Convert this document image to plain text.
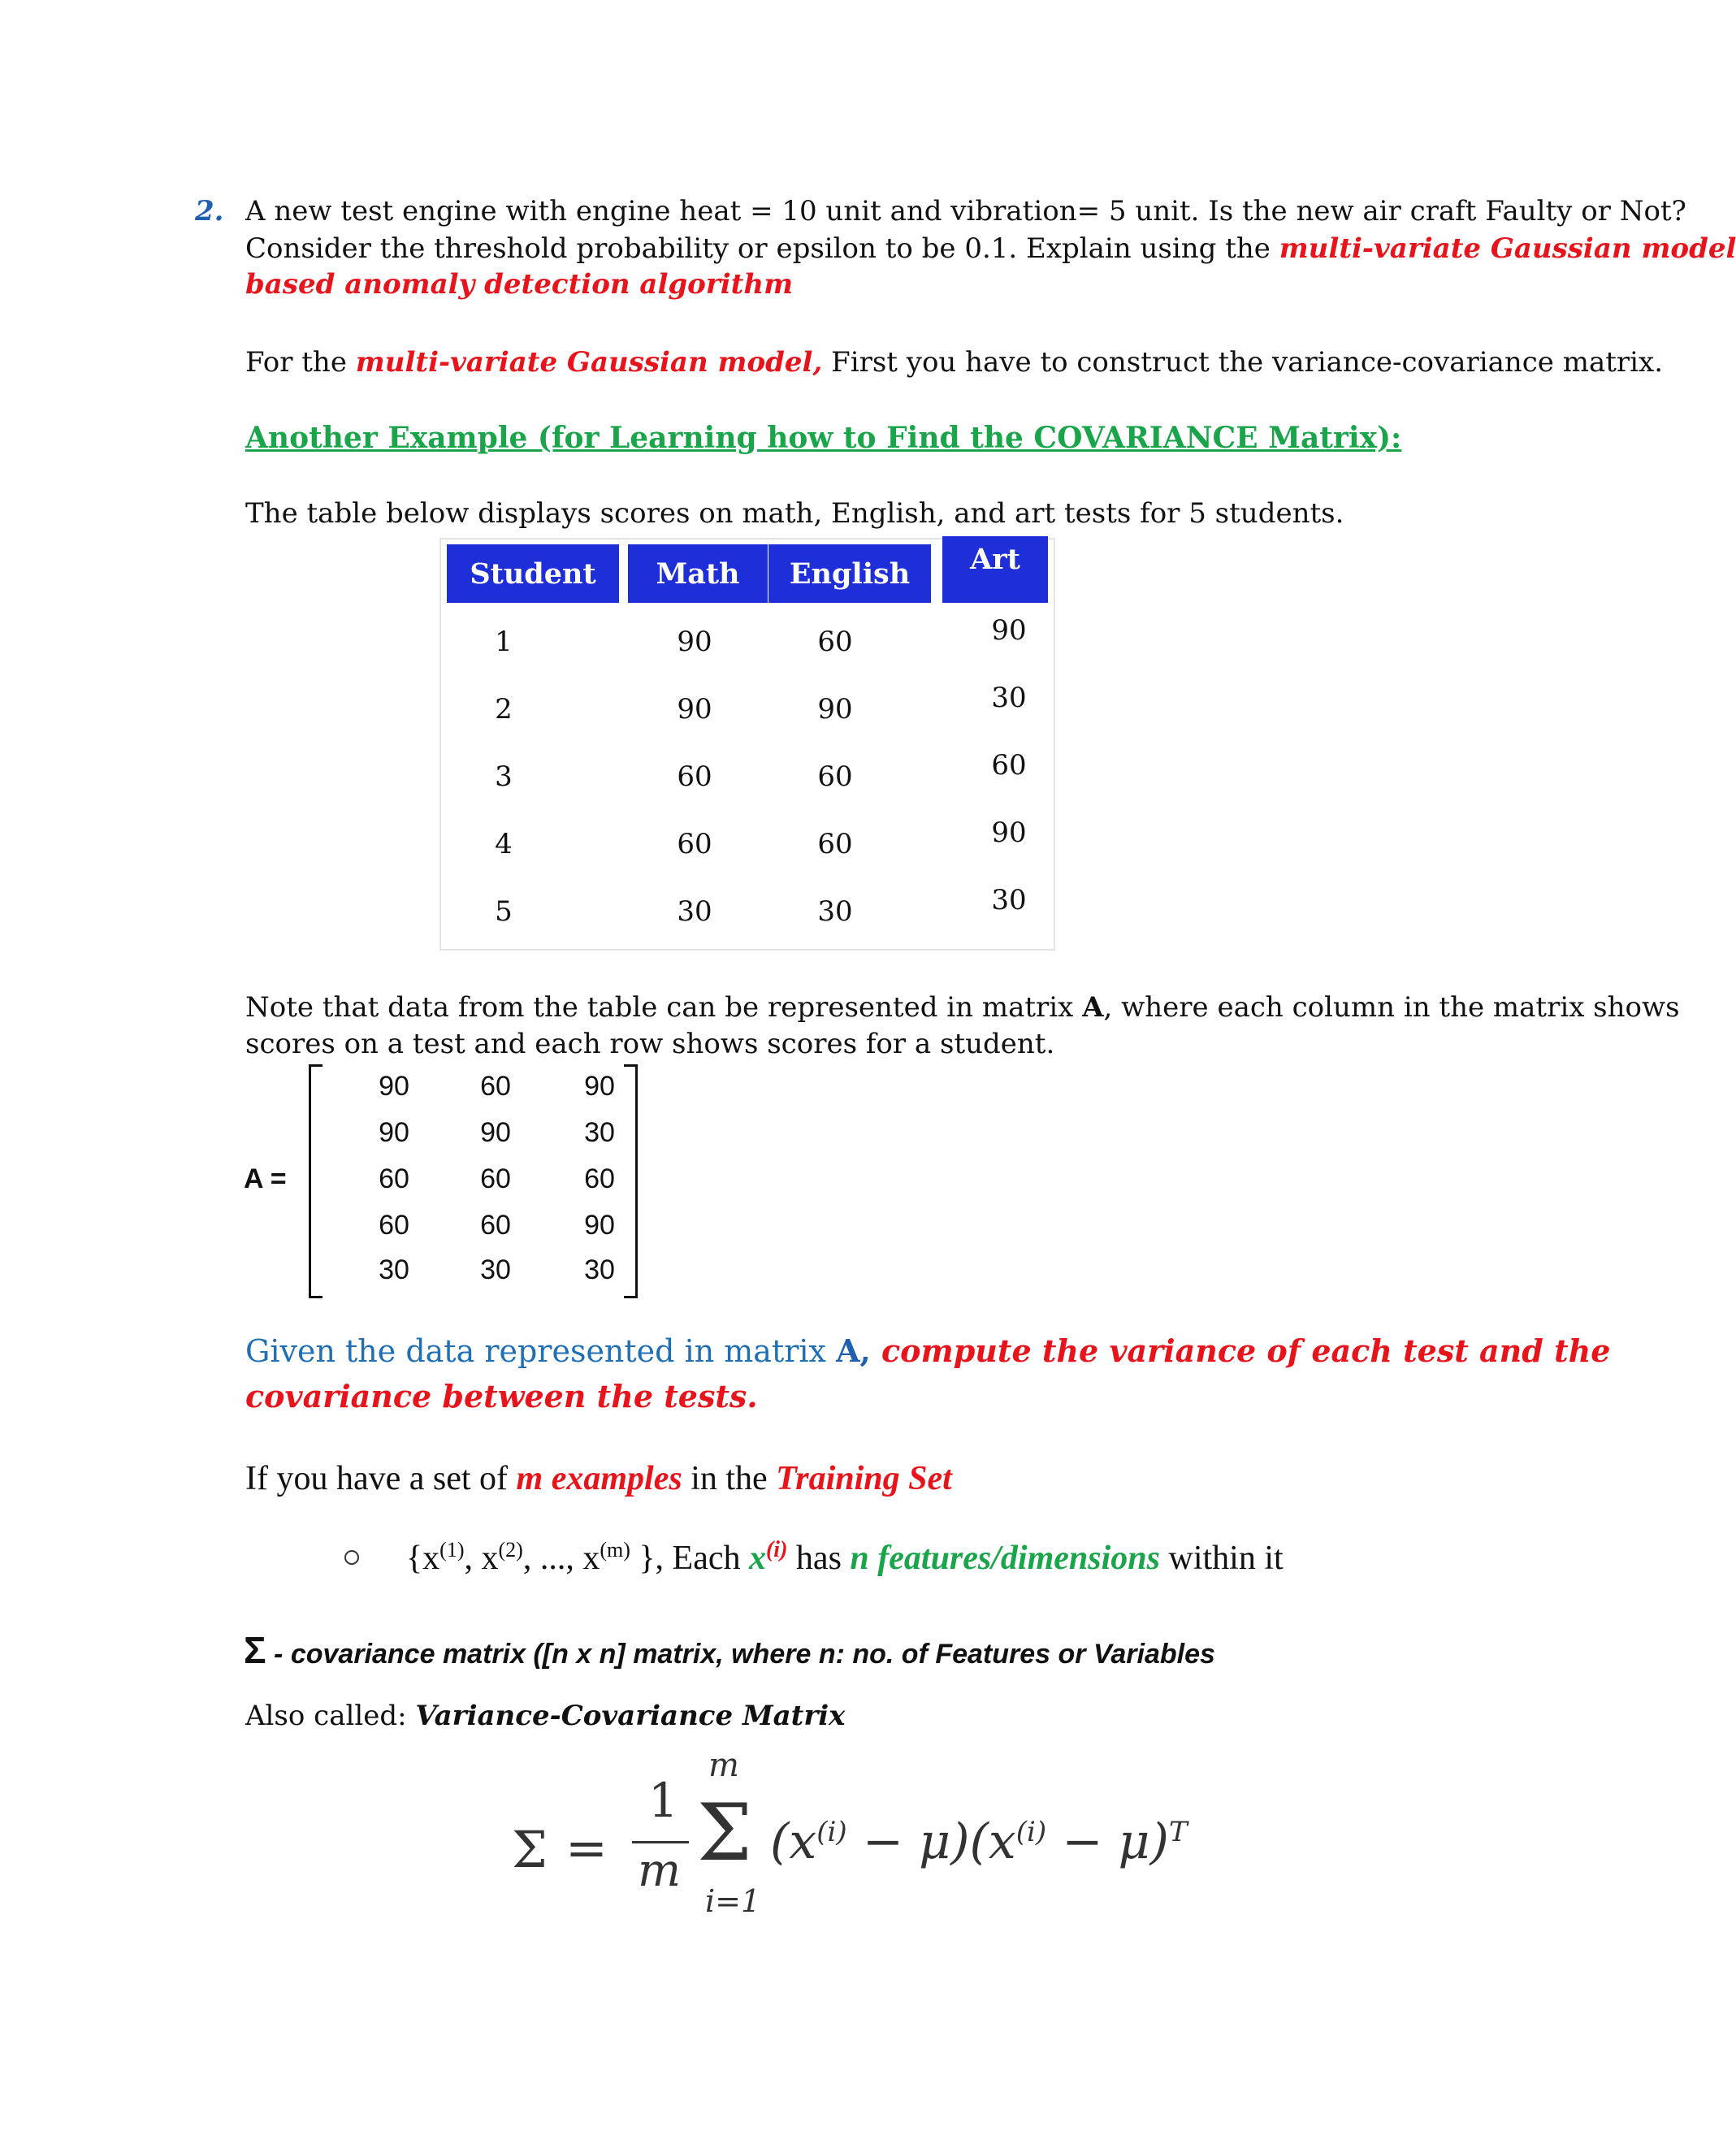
2. A new test engine with engine heat = 10 unit and vibration= 5 unit. Is the new air craft Faulty or Not?
Consider the threshold probability or epsilon to be 0.1. Explain using the multi-variate Gaussian model
based anomaly detection algorithm
For the multi-variate Gaussian model, First you have to construct the variance-covariance matrix.
Another Example (for Learning how to Find the COVARIANCE Matrix):
The table below displays scores on math, English, and art tests for 5 students.
Student	Math	English	Art
1	90	60	90
2	90	90	30
3	60	60	60
4	60	60	90
5	30	30	30
Note that data from the table can be represented in matrix A, where each column in the matrix shows
scores on a test and each row shows scores for a student.
A =
90	60	90
90	90	30
60	60	60
60	60	90
30	30	30
Given the data represented in matrix A, compute the variance of each test and the
covariance between the tests.
If you have a set of m examples in the Training Set
{$x^{(1)}$, $x^{(2)}$, ..., $x^{(m)}$ }, Each $x^{(i)}$ has n features/dimensions within it
Σ - covariance matrix ([n x n] matrix, where n: no. of Features or Variables
Also called: Variance-Covariance Matrix
Σ =
1
m
m
Σ
i=1
$(x^{(i)} - \mu)(x^{(i)} - \mu)^T$
